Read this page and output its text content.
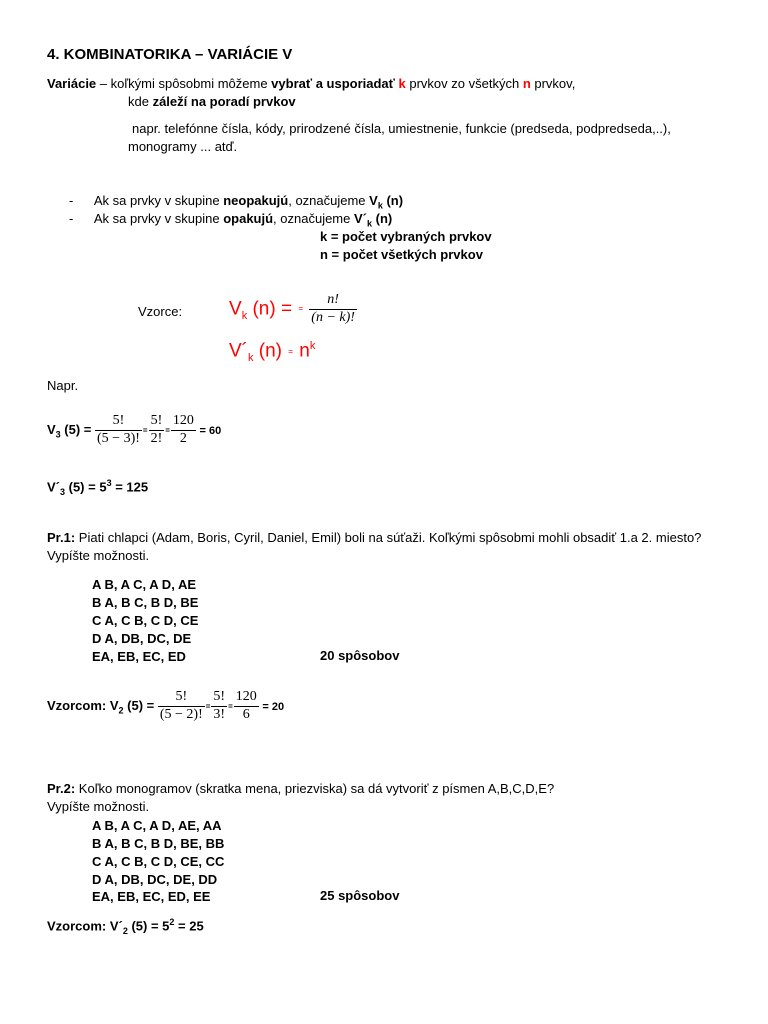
4. KOMBINATORIKA – VARIÁCIE V
Variácie – koľkými spôsobmi môžeme vybrať a usporiadať k prvkov zo všetkých n prvkov,
kde záleží na poradí prvkov
napr. telefónne čísla, kódy, prirodzené čísla, umiestnenie, funkcie (predseda, podpredseda,..),
monogramy ... atď.
- Ak sa prvky v skupine neopakujú, označujeme $V_k$ (n)
- Ak sa prvky v skupine opakujú, označujeme $V´_k$ (n)
k = počet vybraných prvkov
n = počet všetkých prvkov
Vzorce: $V_k$ (n) = = $\frac{n!}{(n - k)!}$
$V´_k$ $(n) = n^k$
Napr.
$V_3$ $(5) = \frac{5!}{(5 - 3)!} = \frac{5!}{2!} = \frac{120}{2} = 60$
$V´_3$ $(5) = 5^3 = 125$
Pr.1: Piati chlapci (Adam, Boris, Cyril, Daniel, Emil) boli na súťaži. Koľkými spôsobmi mohli obsadiť 1.a 2. miesto?
Vypíšte možnosti.
A B, A C, A D, AE
B A, B C, B D, BE
C A, C B, C D, CE
D A, DB, DC, DE
EA, EB, EC, ED	20 spôsobov
Vzorcom: $V_2$ $(5) = \frac{5!}{(5 - 2)!} = \frac{5!}{3!} = \frac{120}{6} = 20$
Pr.2: Koľko monogramov (skratka mena, priezviska) sa dá vytvoriť z písmen A,B,C,D,E?
Vypíšte možnosti.
A B, A C, A D, AE, AA
B A, B C, B D, BE, BB
C A, C B, C D, CE, CC
D A, DB, DC, DE, DD
EA, EB, EC, ED, EE	25 spôsobov
Vzorcom: $V´_2$ $(5) = 5^2 = 25$
